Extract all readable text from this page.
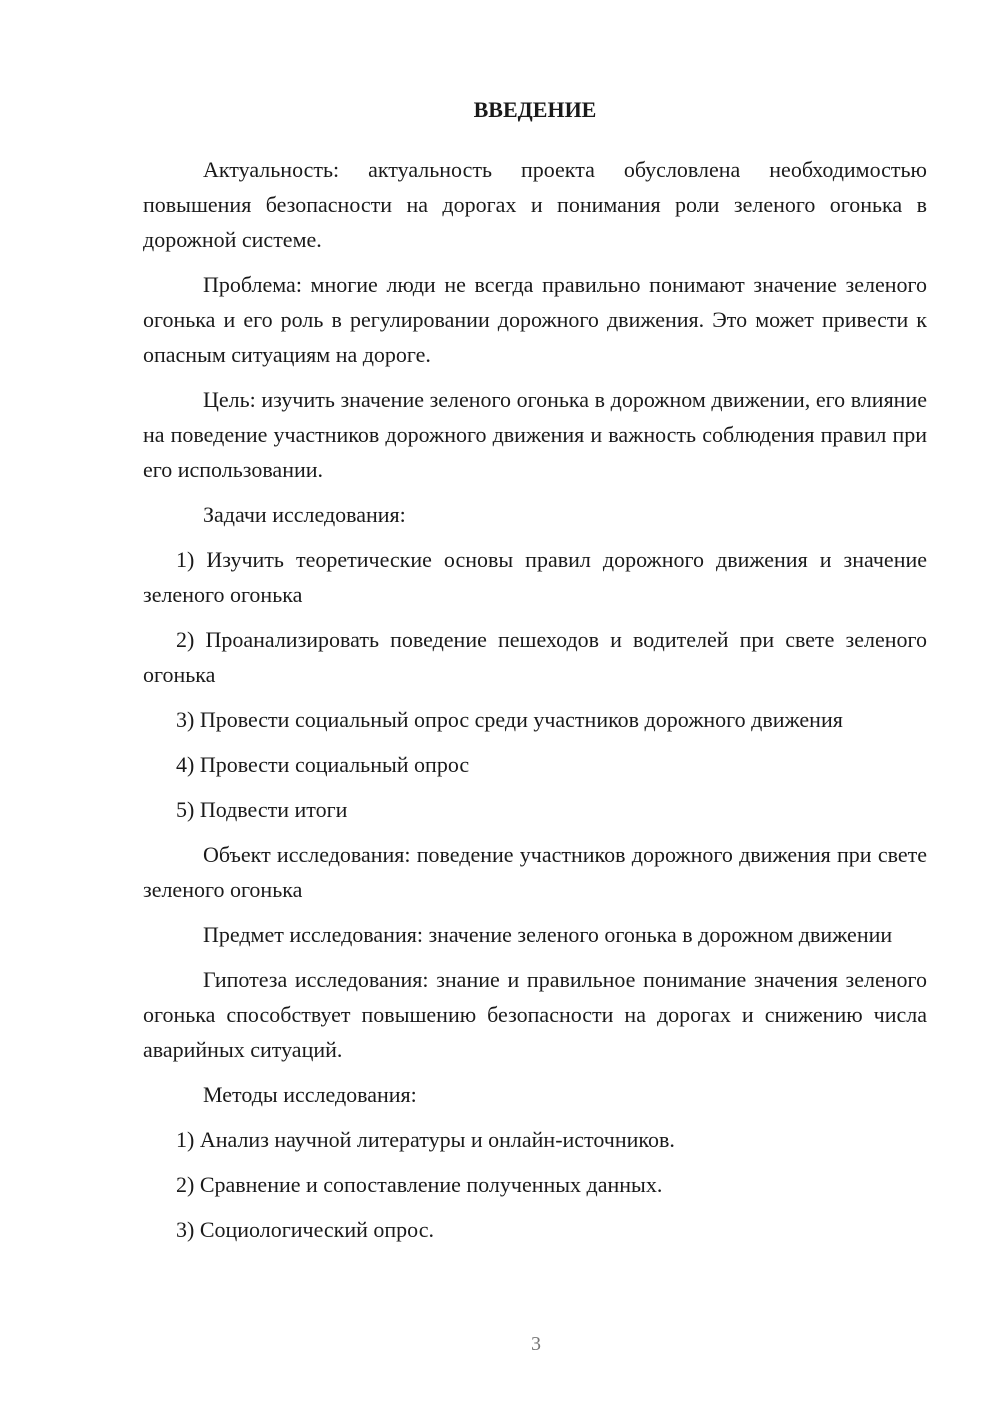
ВВЕДЕНИЕ

Актуальность: актуальность проекта обусловлена необходимостью повышения безопасности на дорогах и понимания роли зеленого огонька в дорожной системе.

Проблема: многие люди не всегда правильно понимают значение зеленого огонька и его роль в регулировании дорожного движения. Это может привести к опасным ситуациям на дороге.

Цель: изучить значение зеленого огонька в дорожном движении, его влияние на поведение участников дорожного движения и важность соблюдения правил при его использовании.

Задачи исследования:

1) Изучить теоретические основы правил дорожного движения и значение зеленого огонька
2) Проанализировать поведение пешеходов и водителей при свете зеленого огонька
3) Провести социальный опрос среди участников дорожного движения
4) Провести социальный опрос
5) Подвести итоги

Объект исследования: поведение участников дорожного движения при свете зеленого огонька

Предмет исследования: значение зеленого огонька в дорожном движении

Гипотеза исследования: знание и правильное понимание значения зеленого огонька способствует повышению безопасности на дорогах и снижению числа аварийных ситуаций.

Методы исследования:

1) Анализ научной литературы и онлайн-источников.
2) Сравнение и сопоставление полученных данных.
3) Социологический опрос.
3
